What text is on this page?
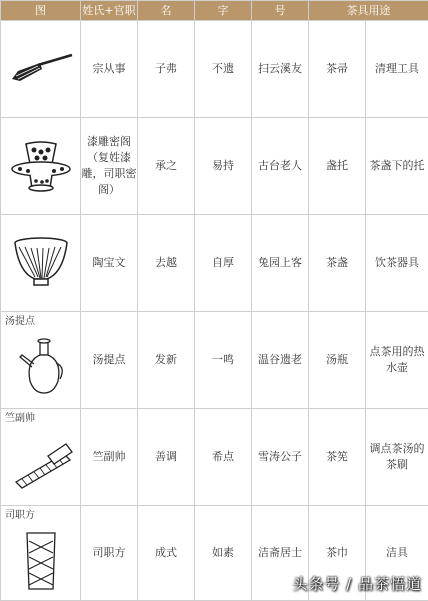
图	姓氏+官职	名	字	号	茶具用途	

	宗从事	子弗	不遗	扫云溪友	茶帚	清理工具

	漆雕密阁（复姓漆雕，司职密阁）	承之	易持	古台老人	盏托	茶盏下的托

	陶宝文	去越	自厚	兔园上客	茶盏	饮茶器具

汤提点	汤提点	发新	一鸣	温谷遗老	汤瓶	点茶用的热水壶

竺副帅	竺副帅	善调	希点	雪涛公子	茶筅	调点茶汤的茶刷

司职方	司职方	成式	如素	洁斋居士	茶巾	洁具
头条号 / 品茶悟道
